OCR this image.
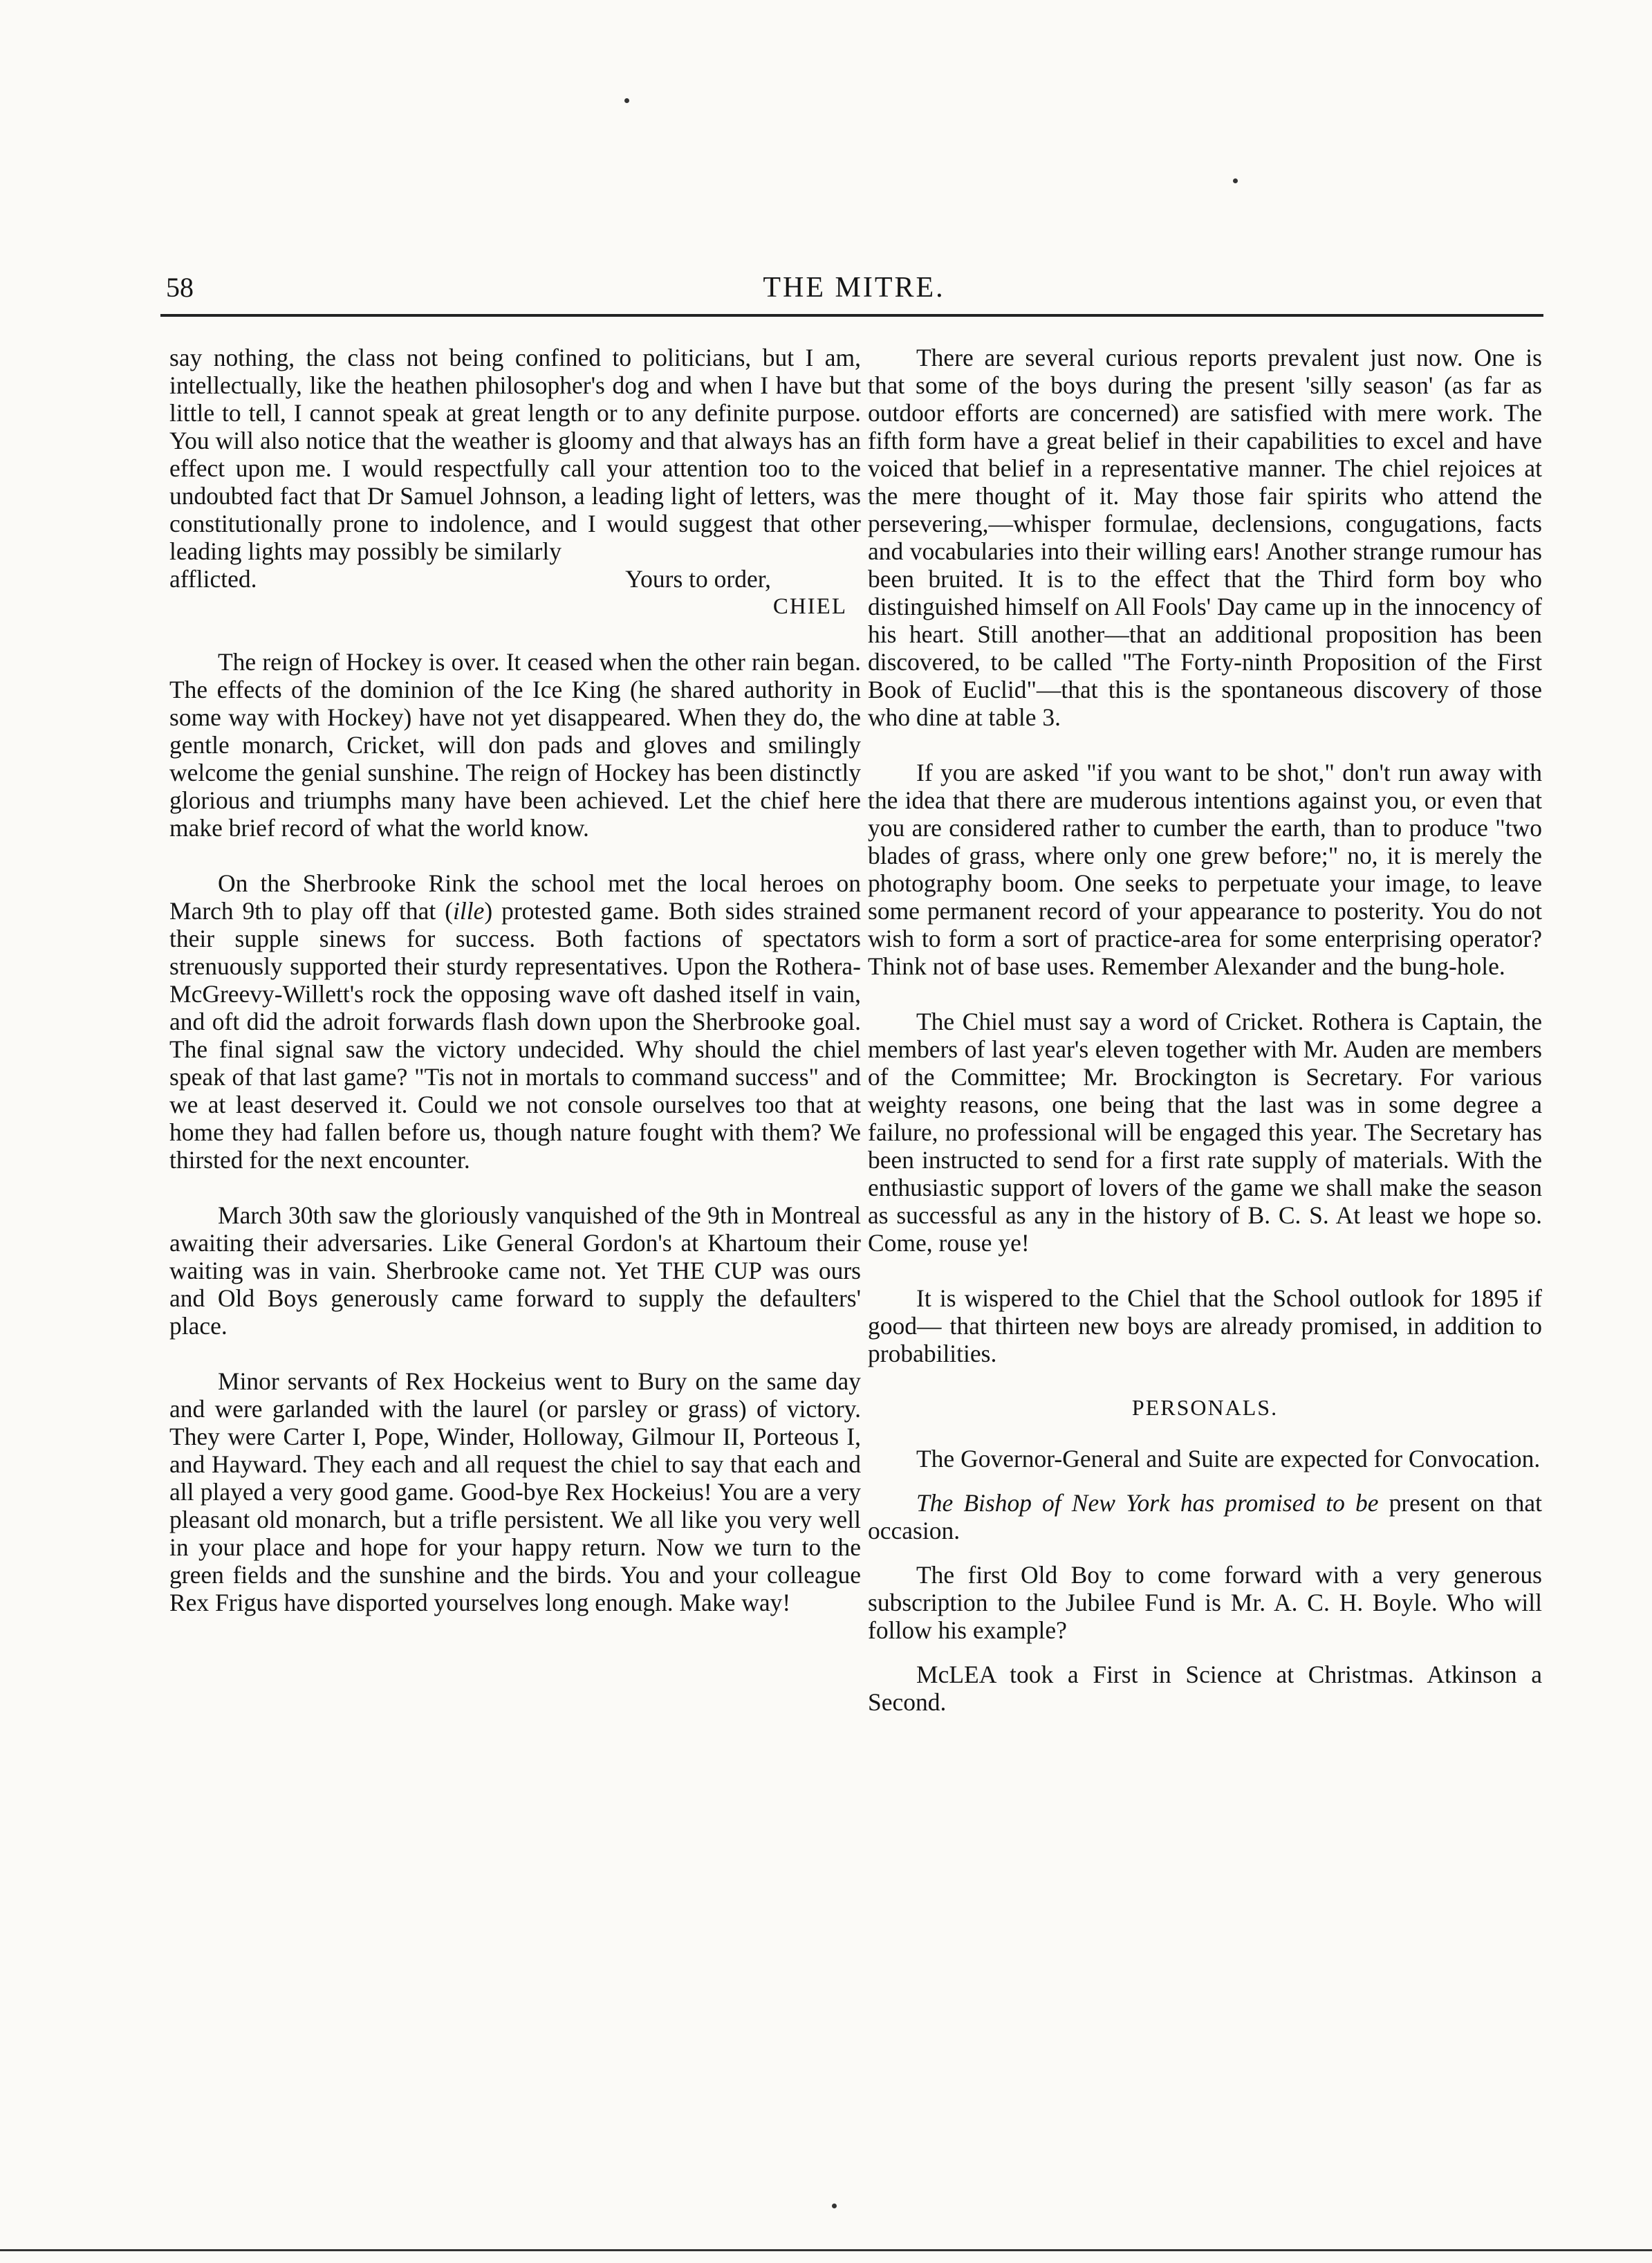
58	THE MITRE.

say nothing, the class not being confined to politicians, but I am, intellectually, like the heathen philosopher's dog and when I have but little to tell, I cannot speak at great length or to any definite purpose. You will also notice that the weather is gloomy and that always has an effect upon me. I would respectfully call your attention too to the undoubted fact that Dr Samuel Johnson, a leading light of letters, was constitutionally prone to indolence, and I would suggest that other leading lights may possibly be similarly

afflicted.	Yours to order,
CHIEL

The reign of Hockey is over. It ceased when the other rain began. The effects of the dominion of the Ice King (he shared authority in some way with Hockey) have not yet disappeared. When they do, the gentle monarch, Cricket, will don pads and gloves and smilingly welcome the genial sunshine. The reign of Hockey has been distinctly glorious and triumphs many have been achieved. Let the chief here make brief record of what the world know.

On the Sherbrooke Rink the school met the local heroes on March 9th to play off that (ille) protested game. Both sides strained their supple sinews for success. Both factions of spectators strenuously supported their sturdy representatives. Upon the Rothera-McGreevy-Willett's rock the opposing wave oft dashed itself in vain, and oft did the adroit forwards flash down upon the Sherbrooke goal. The final signal saw the victory undecided. Why should the chiel speak of that last game? "Tis not in mortals to command success" and we at least deserved it. Could we not console ourselves too that at home they had fallen before us, though nature fought with them? We thirsted for the next encounter.

March 30th saw the gloriously vanquished of the 9th in Montreal awaiting their adversaries. Like General Gordon's at Khartoum their waiting was in vain. Sherbrooke came not. Yet THE CUP was ours and Old Boys generously came forward to supply the defaulters' place.

Minor servants of Rex Hockeius went to Bury on the same day and were garlanded with the laurel (or parsley or grass) of victory. They were Carter I, Pope, Winder, Holloway, Gilmour II, Porteous I, and Hayward. They each and all request the chiel to say that each and all played a very good game. Good-bye Rex Hockeius! You are a very pleasant old monarch, but a trifle persistent. We all like you very well in your place and hope for your happy return. Now we turn to the green fields and the sunshine and the birds. You and your colleague Rex Frigus have disported yourselves long enough. Make way!

There are several curious reports prevalent just now. One is that some of the boys during the present 'silly season' (as far as outdoor efforts are concerned) are satisfied with mere work. The fifth form have a great belief in their capabilities to excel and have voiced that belief in a representative manner. The chiel rejoices at the mere thought of it. May those fair spirits who attend the persevering,—whisper formulae, declensions, congugations, facts and vocabularies into their willing ears! Another strange rumour has been bruited. It is to the effect that the Third form boy who distinguished himself on All Fools' Day came up in the innocency of his heart. Still another—that an additional proposition has been discovered, to be called "The Forty-ninth Proposition of the First Book of Euclid"—that this is the spontaneous discovery of those who dine at table 3.

If you are asked "if you want to be shot," don't run away with the idea that there are muderous intentions against you, or even that you are considered rather to cumber the earth, than to produce "two blades of grass, where only one grew before;" no, it is merely the photography boom. One seeks to perpetuate your image, to leave some permanent record of your appearance to posterity. You do not wish to form a sort of practice-area for some enterprising operator? Think not of base uses. Remember Alexander and the bung-hole.

The Chiel must say a word of Cricket. Rothera is Captain, the members of last year's eleven together with Mr. Auden are members of the Committee; Mr. Brockington is Secretary. For various weighty reasons, one being that the last was in some degree a failure, no professional will be engaged this year. The Secretary has been instructed to send for a first rate supply of materials. With the enthusiastic support of lovers of the game we shall make the season as successful as any in the history of B. C. S. At least we hope so. Come, rouse ye!

It is wispered to the Chiel that the School outlook for 1895 if good— that thirteen new boys are already promised, in addition to probabilities.

PERSONALS.

The Governor-General and Suite are expected for Convocation.

The Bishop of New York has promised to be present on that occasion.

The first Old Boy to come forward with a very generous subscription to the Jubilee Fund is Mr. A. C. H. Boyle. Who will follow his example?

McLEA took a First in Science at Christmas. Atkinson a Second.
